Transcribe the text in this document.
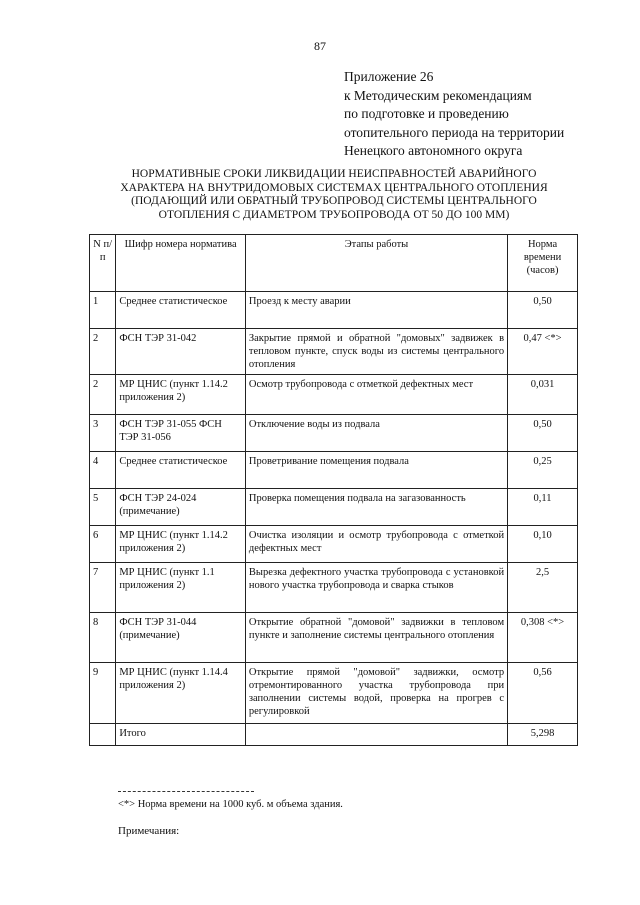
87
Приложение 26
к Методическим рекомендациям
по подготовке и проведению
отопительного периода на территории
Ненецкого автономного округа
НОРМАТИВНЫЕ СРОКИ ЛИКВИДАЦИИ НЕИСПРАВНОСТЕЙ АВАРИЙНОГО
ХАРАКТЕРА НА ВНУТРИДОМОВЫХ СИСТЕМАХ ЦЕНТРАЛЬНОГО ОТОПЛЕНИЯ
(ПОДАЮЩИЙ ИЛИ ОБРАТНЫЙ ТРУБОПРОВОД СИСТЕМЫ ЦЕНТРАЛЬНОГО
ОТОПЛЕНИЯ С ДИАМЕТРОМ ТРУБОПРОВОДА ОТ 50 ДО 100 ММ)
N п/п	Шифр номера норматива	Этапы работы	Норма времени (часов)
1	Среднее статистическое	Проезд к месту аварии	0,50
2	ФСН ТЭР 31-042	Закрытие прямой и обратной "домовых" задвижек в тепловом пункте, спуск воды из системы центрального отопления	0,47 <*>
2	МР ЦНИС (пункт 1.14.2 приложения 2)	Осмотр трубопровода с отметкой дефектных мест	0,031
3	ФСН ТЭР 31-055 ФСН ТЭР 31-056	Отключение воды из подвала	0,50
4	Среднее статистическое	Проветривание помещения подвала	0,25
5	ФСН ТЭР 24-024 (примечание)	Проверка помещения подвала на загазованность	0,11
6	МР ЦНИС (пункт 1.14.2 приложения 2)	Очистка изоляции и осмотр трубопровода с отметкой дефектных мест	0,10
7	МР ЦНИС (пункт 1.1 приложения 2)	Вырезка дефектного участка трубопровода с установкой нового участка трубопровода и сварка стыков	2,5
8	ФСН ТЭР 31-044 (примечание)	Открытие обратной "домовой" задвижки в тепловом пункте и заполнение системы центрального отопления	0,308 <*>
9	МР ЦНИС (пункт 1.14.4 приложения 2)	Открытие прямой "домовой" задвижки, осмотр отремонтированного участка трубопровода при заполнении системы водой, проверка на прогрев с регулировкой	0,56
	Итого		5,298
<*> Норма времени на 1000 куб. м объема здания.
Примечания:
